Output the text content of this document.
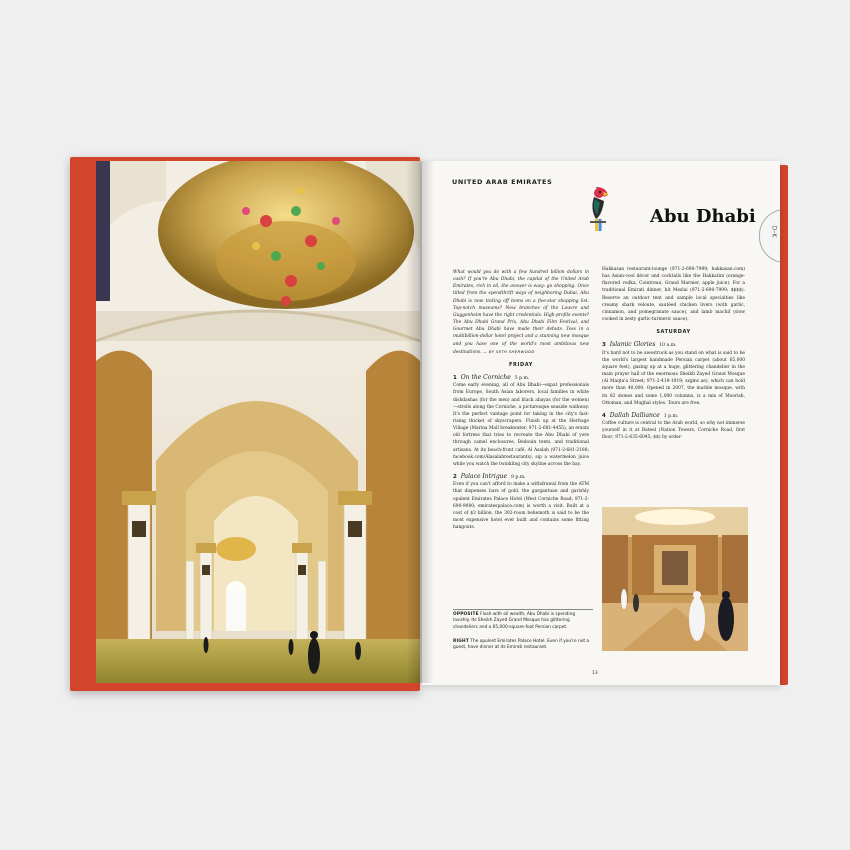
UNITED ARAB EMIRATES
Abu Dhabi
D–K

What would you do with a few hundred billion dollars in cash? If you're Abu Dhabi, the capital of the United Arab Emirates, rich in oil, the answer is easy: go shopping. Once tilted from the spendthrift ways of neighboring Dubai, Abu Dhabi is now ticking off items on a five-star shopping list. Top-notch museums? New branches of the Louvre and Guggenheim have the right credentials. High-profile events? The Abu Dhabi Grand Prix, Abu Dhabi Film Festival, and Gourmet Abu Dhabi have made their debuts. Toss in a multibillion-dollar hotel project and a stunning new mosque and you have one of the world's most ambitious new destinations. — BY SETH SHERWOOD

FRIDAY
1 On the Corniche 5 p.m.

Come early evening, all of Abu Dhabi—expat professionals from Europe, South Asian laborers, local families in white dishdashas (for the men) and black abayas (for the women)—strolls along the Corniche, a picturesque seaside walkway. It's the perfect vantage point for taking in the city's fast-rising thicket of skyscrapers. Finish up at the Heritage Village (Marina Mall breakwater; 971-2-681-4455), an ersatz old fortress that tries to recreate the Abu Dhabi of yore through camel enclosures, Bedouin tents, and traditional artisans. At its beach-front café, Al Asalah (971-2-681-2188; facebook.com/Alasalahrestaurants), sip a watermelon juice while you watch the twinkling city skyline across the bay.

2 Palace Intrigue 9 p.m.

Even if you can't afford to make a withdrawal from the ATM that dispenses bars of gold, the gargantuan and garishly opulent Emirates Palace Hotel (West Corniche Road; 971-2-690-9000; emiratespalace.com) is worth a visit. Built at a cost of $3 billion, the 302-room behemoth is said to be the most expensive hotel ever built and contains some fitting hangouts.

OPPOSITE Flush with oil wealth, Abu Dhabi is spending lavishly. Its Sheikh Zayed Grand Mosque has glittering chandeliers and a 65,000-square-foot Persian carpet.
RIGHT The opulent Emirates Palace Hotel. Even if you're not a guest, have dinner at its Emirati restaurant.

Hakkasan restaurant-lounge (971-2-690-7999; hakkasan.com) has Asian-cool décor and cocktails like the Hakkatini (orange-flavored vodka, Cointreau, Grand Marnier, apple juice). For a traditional Emirati dinner, hit Mezlai (971-2-690-7999; $$$$). Reserve an outdoor tent and sample local specialties like creamy shark veloute, sautéed chicken livers (with garlic, cinnamon, and pomegranate sauce), and lamb machif (slow cooked in zesty garlic-turmeric sauce).

SATURDAY
3 Islamic Glories 10 a.m.

It's hard not to be awestruck as you stand on what is said to be the world's largest handmade Persian carpet (about 65,000 square feet), gazing up at a huge, glittering chandelier in the main prayer hall of the enormous Sheikh Zayed Grand Mosque (Al Maqta'a Street; 971-2-419-1919; szgmc.ae), which can hold more than 40,000. Opened in 2007, the marble mosque, with its 82 domes and some 1,000 columns, is a mix of Moorish, Ottoman, and Mughal styles. Tours are free.

4 Dallah Dalliance 1 p.m.

Coffee culture is central to the Arab world, so why not immerse yourself in it at Bateel (Nation Towers, Corniche Road, first floor; 971-2-635-6045; $$) by order-

13
